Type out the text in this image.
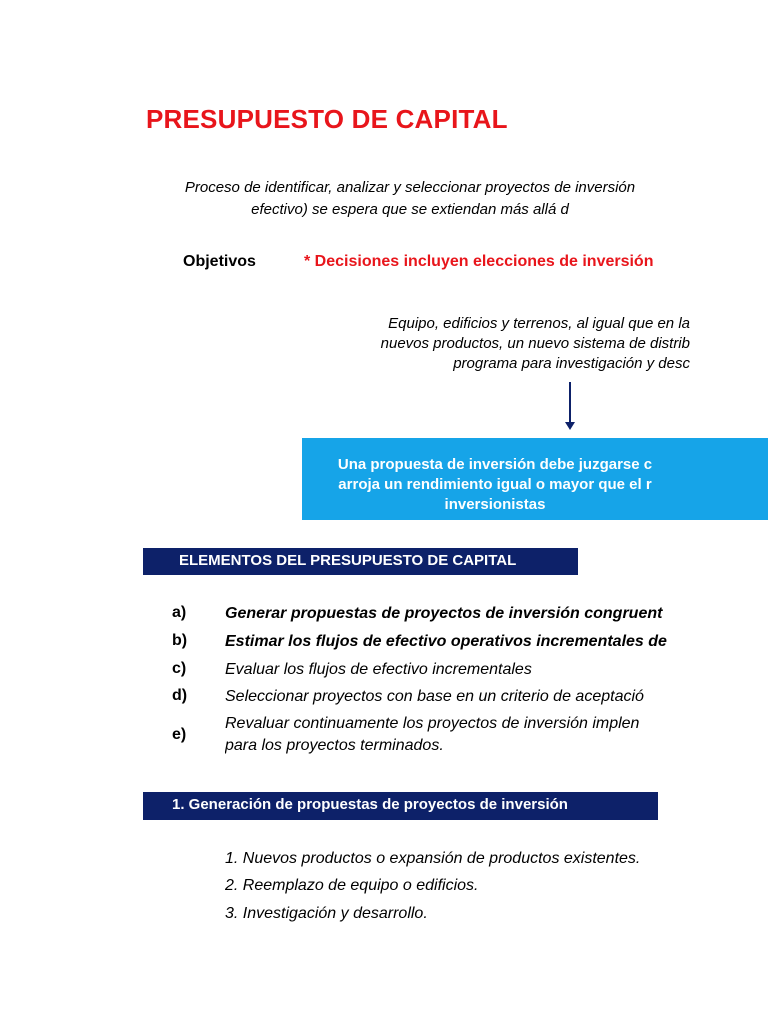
PRESUPUESTO DE CAPITAL
Proceso de identificar, analizar y seleccionar proyectos de inversión
efectivo) se espera que se extiendan más allá d
Objetivos	* Decisiones incluyen elecciones de inversión
Equipo, edificios y terrenos, al igual que en la
nuevos productos, un nuevo sistema de distrib
programa para investigación y desc
Una propuesta de inversión debe juzgarse c
arroja un rendimiento igual o mayor que el r
inversionistas
ELEMENTOS DEL PRESUPUESTO DE CAPITAL
a) Generar propuestas de proyectos de inversión congruent
b) Estimar los flujos de efectivo operativos incrementales de
c) Evaluar los flujos de efectivo incrementales
d) Seleccionar proyectos con base en un criterio de aceptació
e)
Revaluar continuamente los proyectos de inversión implen
para los proyectos terminados.
1. Generación de propuestas de proyectos de inversión
1. Nuevos productos o expansión de productos existentes.
2. Reemplazo de equipo o edificios.
3. Investigación y desarrollo.
